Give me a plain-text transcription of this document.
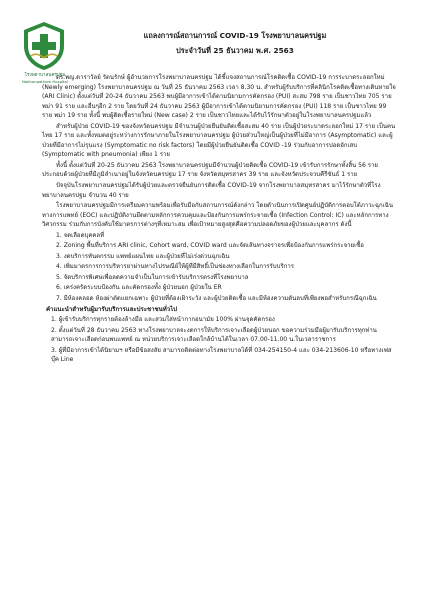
โรงพยาบาลนครปฐม
Nakhonpathom Hospital
แถลงการณ์สถานการณ์ COVID-19 โรงพยาบาลนครปฐม
ประจำวันที่ 25 ธันวาคม พ.ศ. 2563

ดร.พญ.ดาราวัลย์ รัตนรักษ์ ผู้อำนวยการโรงพยาบาลนครปฐม ได้ชี้แจงสถานการณ์โรคติดเชื้อ COVID-19 การระบาดระลอกใหม่ (Newly emerging) โรงพยาบาลนครปฐม ณ วันที่ 25 ธันวาคม 2563 เวลา 8.30 น. สำหรับผู้รับบริการที่คลินิกโรคติดเชื้อทางเดินหายใจ (ARI Clinic) ตั้งแต่วันที่ 20-24 ธันวาคม 2563 พบผู้มีอาการเข้าได้ตามนิยามการคัดกรอง (PUI) สะสม 798 ราย เป็นชาวไทย 705 ราย พม่า 91 ราย และอื่นๆอีก 2 ราย โดยวันที่ 24 ธันวาคม 2563 ผู้มีอาการเข้าได้ตามนิยามการคัดกรอง (PUI) 118 ราย เป็นชาวไทย 99 ราย พม่า 19 ราย ทั้งนี้ พบผู้ติดเชื้อรายใหม่ (New case) 2 ราย เป็นชาวไทยและได้รับไว้รักษาตัวอยู่ในโรงพยาบาลนครปฐมแล้ว

สำหรับผู้ป่วย COVID-19 ของจังหวัดนครปฐม มีจำนวนผู้ป่วยยืนยันติดเชื้อสะสม 40 ราย เป็นผู้ป่วยระบาดระลอกใหม่ 17 ราย เป็นคนไทย 17 ราย และทั้งหมดอยู่ระหว่างการรักษาภายในโรงพยาบาลนครปฐม ผู้ป่วยส่วนใหญ่เป็นผู้ป่วยที่ไม่มีอาการ (Asymptomatic) และผู้ป่วยที่มีอาการไม่รุนแรง (Symptomatic no risk factors) โดยมีผู้ป่วยยืนยันติดเชื้อ COVID -19 ร่วมกับอาการปอดอักเสบ (Symptomatic with pneumonia) เพียง 1 ราย

ทั้งนี้ ตั้งแต่วันที่ 20-25 ธันวาคม 2563 โรงพยาบาลนครปฐมมีจำนวนผู้ป่วยติดเชื้อ COVID-19 เข้ารับการรักษาทั้งสิ้น 56 ราย ประกอบด้วยผู้ป่วยที่มีภูมิลำเนาอยู่ในจังหวัดนครปฐม 17 ราย จังหวัดสมุทรสาคร 39 ราย และจังหวัดประจวบคีรีขันธ์ 1 ราย

ปัจจุบันโรงพยาบาลนครปฐมได้รับผู้ป่วยและตรวจยืนยันการติดเชื้อ COVID-19 จากโรงพยาบาลสมุทรสาคร มาไว้รักษาตัวที่โรงพยาบาลนครปฐม จำนวน 40 ราย

โรงพยาบาลนครปฐมมีการเตรียมความพร้อมเพื่อรับมือกับสถานการณ์ดังกล่าว โดยดำเนินการเปิดศูนย์ปฏิบัติการตอบโต้ภาวะฉุกเฉินทางการแพทย์ (EOC) และปฏิบัติงานยึดตามหลักการควบคุมและป้องกันการแพร่กระจายเชื้อ (Infection Control: IC) และหลักการทางวิศวกรรม ร่วมกับการบังคับใช้มาตรการต่างๆที่เหมาะสม เพื่อเป้าหมายสูงสุดคือความปลอดภัยของผู้ป่วยและบุคลากร ดังนี้

1. จดเลือดบุคคลที่

2. Zoning พื้นที่บริการ ARI clinic, Cohort ward, COVID ward และจัดเส้นทางจราจรเพื่อป้องกันการแพร่กระจายเชื้อ

3. งดบริการทันตกรรม แพทย์แผนไทย และผู้ป่วยที่ไม่เร่งด่วนฉุกเฉิน

4. เพิ่มมาตรการการบริหารยาผ่านทางไปรษณีย์ให้ผู้ที่มีสิทธิ์เป็นช่องทางเลือกในการรับบริการ

5. จัดบริการพิเศษเพื่อลดความจำเป็นในการเข้ารับบริการตรงที่โรงพยาบาล

6. เคร่งครัดระบบป้องกัน และคัดกรองทั้ง ผู้ป่วยนอก ผู้ป่วยใน ER

7. มีห้องคลอด ห้องผ่าตัดแยกเฉพาะ ผู้ป่วยที่ต้องเฝ้าระวัง และผู้ป่วยติดเชื้อ และมีห้องความดันลบที่เพียงพอสำหรับกรณีฉุกเฉิน

คำแนะนำสำหรับผู้มารับบริการและประชาชนทั่วไป

1. ผู้เข้ารับบริการทุกรายต้องล้างมือ และสวมใส่หน้ากากอนามัย 100% ผ่านจุดคัดกรอง

2. ตั้งแต่วันที่ 28 ธันวาคม 2563 ทางโรงพยาบาลจะงดการให้บริการเจาะเลือดผู้ป่วยนอก ขอความร่วมมือผู้มารับบริการทุกท่าน สามารถเจาะเลือดก่อนพบแพทย์ ณ หน่วยบริการเจาะเลือดใกล้บ้านได้ในเวลา 07.00-11.00 น.ในเวลาราชการ

3. ผู้ที่มีอาการเข้าได้นิยามฯ หรือมีข้อสงสัย สามารถติดต่อทางโรงพยาบาลได้ที่ 034-254150-4 และ 034-213606-10 หรือทางเฟสบุ๊ค Line
